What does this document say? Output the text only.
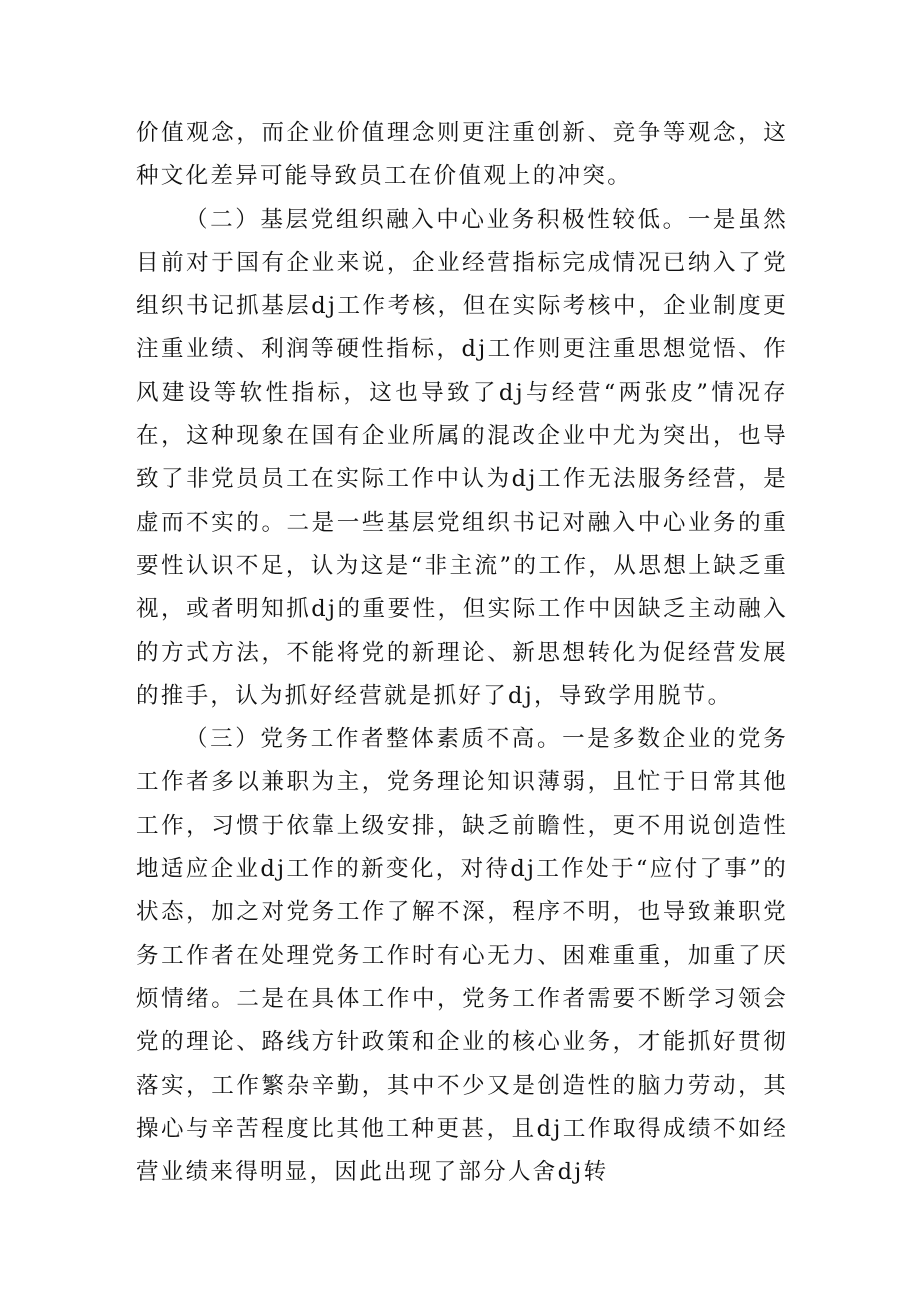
价值观念，而企业价值理念则更注重创新、竞争等观念，这种文化差异可能导致员工在价值观上的冲突。

（二）基层党组织融入中心业务积极性较低。一是虽然目前对于国有企业来说，企业经营指标完成情况已纳入了党组织书记抓基层dj工作考核，但在实际考核中，企业制度更注重业绩、利润等硬性指标，dj工作则更注重思想觉悟、作风建设等软性指标，这也导致了dj与经营“两张皮”情况存在，这种现象在国有企业所属的混改企业中尤为突出，也导致了非党员员工在实际工作中认为dj工作无法服务经营，是虚而不实的。二是一些基层党组织书记对融入中心业务的重要性认识不足，认为这是“非主流”的工作，从思想上缺乏重视，或者明知抓dj的重要性，但实际工作中因缺乏主动融入的方式方法，不能将党的新理论、新思想转化为促经营发展的推手，认为抓好经营就是抓好了dj，导致学用脱节。

（三）党务工作者整体素质不高。一是多数企业的党务工作者多以兼职为主，党务理论知识薄弱，且忙于日常其他工作，习惯于依靠上级安排，缺乏前瞻性，更不用说创造性地适应企业dj工作的新变化，对待dj工作处于“应付了事”的状态，加之对党务工作了解不深，程序不明，也导致兼职党务工作者在处理党务工作时有心无力、困难重重，加重了厌烦情绪。二是在具体工作中，党务工作者需要不断学习领会党的理论、路线方针政策和企业的核心业务，才能抓好贯彻落实，工作繁杂辛勤，其中不少又是创造性的脑力劳动，其操心与辛苦程度比其他工种更甚，且dj工作取得成绩不如经营业绩来得明显，因此出现了部分人舍dj转
